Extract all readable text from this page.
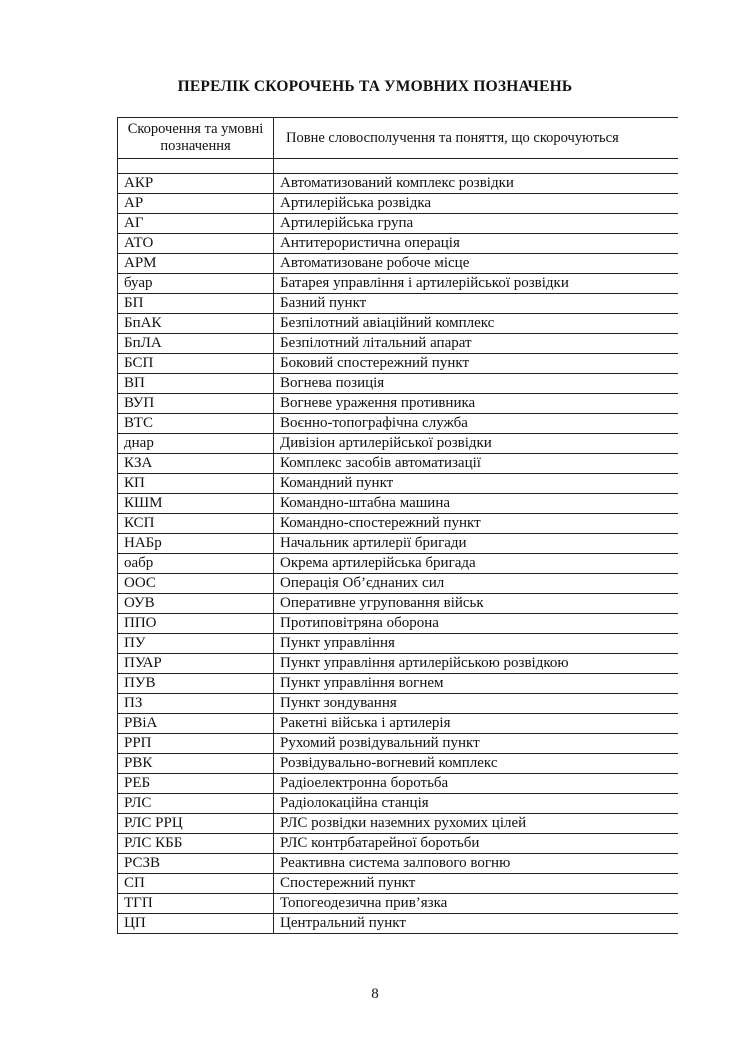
ПЕРЕЛІК СКОРОЧЕНЬ ТА УМОВНИХ ПОЗНАЧЕНЬ
Скорочення та умовні позначення	Повне словосполучення та поняття, що скорочуються

АКР	Автоматизований комплекс розвідки
АР	Артилерійська розвідка
АГ	Артилерійська група
АТО	Антитерористична операція
АРМ	Автоматизоване робоче місце
буар	Батарея управління і артилерійської розвідки
БП	Базний пункт
БпАК	Безпілотний авіаційний комплекс
БпЛА	Безпілотний літальний апарат
БСП	Боковий спостережний пункт
ВП	Вогнева позиція
ВУП	Вогневе ураження противника
ВТС	Воєнно-топографічна служба
днар	Дивізіон артилерійської розвідки
КЗА	Комплекс засобів автоматизації
КП	Командний пункт
КШМ	Командно-штабна машина
КСП	Командно-спостережний пункт
НАБр	Начальник артилерії бригади
оабр	Окрема артилерійська бригада
ООС	Операція Об’єднаних сил
ОУВ	Оперативне угруповання військ
ППО	Протиповітряна оборона
ПУ	Пункт управління
ПУАР	Пункт управління артилерійською розвідкою
ПУВ	Пункт управління вогнем
ПЗ	Пункт зондування
РВіА	Ракетні війська і артилерія
РРП	Рухомий розвідувальний пункт
РВК	Розвідувально-вогневий комплекс
РЕБ	Радіоелектронна боротьба
РЛС	Радіолокаційна станція
РЛС РРЦ	РЛС розвідки наземних рухомих цілей
РЛС КББ	РЛС контрбатарейної боротьби
РСЗВ	Реактивна система залпового вогню
СП	Спостережний пункт
ТГП	Топогеодезична прив’язка
ЦП	Центральний пункт
8
